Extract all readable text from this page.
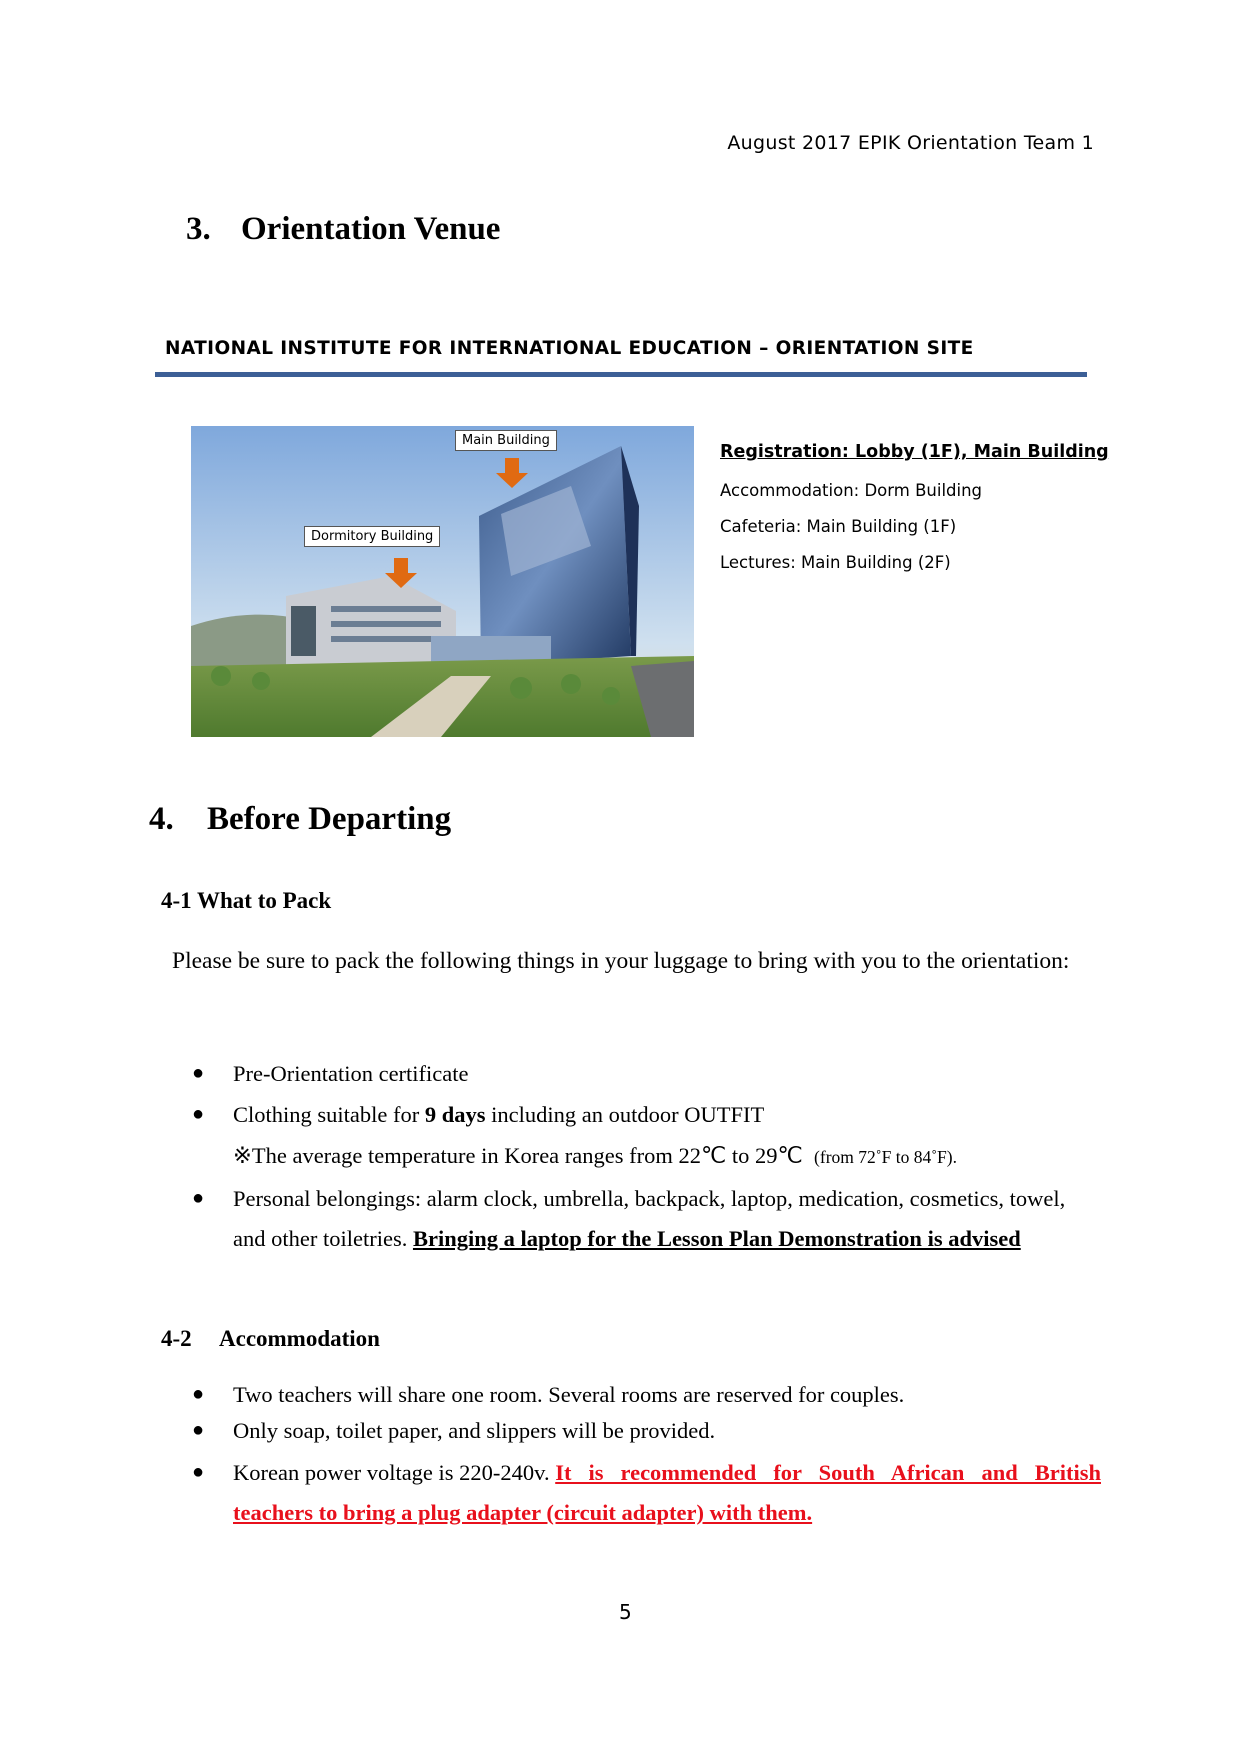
August 2017 EPIK Orientation Team 1
3. Orientation Venue
NATIONAL INSTITUTE FOR INTERNATIONAL EDUCATION – ORIENTATION SITE
Main Building
Dormitory Building
Registration: Lobby (1F), Main Building
Accommodation: Dorm Building
Cafeteria: Main Building (1F)
Lectures: Main Building (2F)
4. Before Departing
4-1 What to Pack
Please be sure to pack the following things in your luggage to bring with you to the orientation:
● Pre-Orientation certificate
● Clothing suitable for 9 days including an outdoor OUTFIT
※The average temperature in Korea ranges from 22℃ to 29℃ (from 72˚F to 84˚F).
● Personal belongings: alarm clock, umbrella, backpack, laptop, medication, cosmetics, towel,
and other toiletries. Bringing a laptop for the Lesson Plan Demonstration is advised
4-2 Accommodation
● Two teachers will share one room. Several rooms are reserved for couples.
● Only soap, toilet paper, and slippers will be provided.
● Korean power voltage is 220-240v. It is recommended for South African and British
teachers to bring a plug adapter (circuit adapter) with them.
5
